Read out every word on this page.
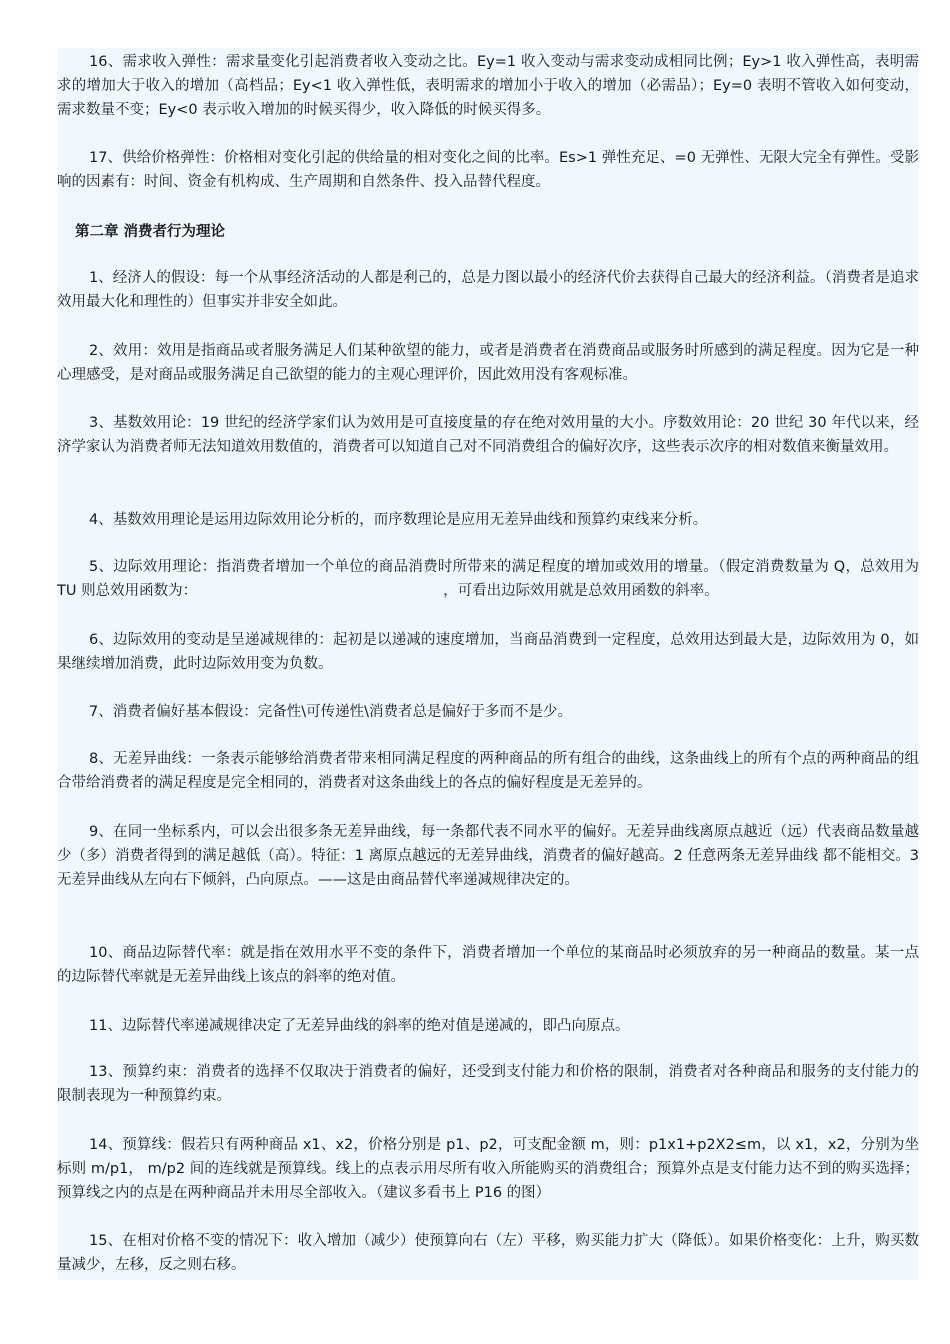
16、需求收入弹性：需求量变化引起消费者收入变动之比。Ey=1 收入变动与需求变动成相同比例；Ey>1 收入弹性高，表明需求的增加大于收入的增加（高档品；Ey<1 收入弹性低，表明需求的增加小于收入的增加（必需品）；Ey=0 表明不管收入如何变动，需求数量不变；Ey<0 表示收入增加的时候买得少，收入降低的时候买得多。

17、供给价格弹性：价格相对变化引起的供给量的相对变化之间的比率。Es>1 弹性充足、=0 无弹性、无限大完全有弹性。受影响的因素有：时间、资金有机构成、生产周期和自然条件、投入品替代程度。

第二章 消费者行为理论

1、经济人的假设：每一个从事经济活动的人都是利己的，总是力图以最小的经济代价去获得自己最大的经济利益。（消费者是追求效用最大化和理性的）但事实并非安全如此。

2、效用：效用是指商品或者服务满足人们某种欲望的能力，或者是消费者在消费商品或服务时所感到的满足程度。因为它是一种心理感受，是对商品或服务满足自己欲望的能力的主观心理评价，因此效用没有客观标准。

3、基数效用论：19 世纪的经济学家们认为效用是可直接度量的存在绝对效用量的大小。序数效用论：20 世纪 30 年代以来，经济学家认为消费者师无法知道效用数值的，消费者可以知道自己对不同消费组合的偏好次序，这些表示次序的相对数值来衡量效用。

4、基数效用理论是运用边际效用论分析的，而序数理论是应用无差异曲线和预算约束线来分析。

5、边际效用理论：指消费者增加一个单位的商品消费时所带来的满足程度的增加或效用的增量。（假定消费数量为 Q，总效用为 TU 则总效用函数为：	，可看出边际效用就是总效用函数的斜率。

6、边际效用的变动是呈递减规律的：起初是以递减的速度增加，当商品消费到一定程度，总效用达到最大是，边际效用为 0，如果继续增加消费，此时边际效用变为负数。

7、消费者偏好基本假设：完备性\可传递性\消费者总是偏好于多而不是少。

8、无差异曲线：一条表示能够给消费者带来相同满足程度的两种商品的所有组合的曲线，这条曲线上的所有个点的两种商品的组合带给消费者的满足程度是完全相同的，消费者对这条曲线上的各点的偏好程度是无差异的。

9、在同一坐标系内，可以会出很多条无差异曲线，每一条都代表不同水平的偏好。无差异曲线离原点越近（远）代表商品数量越少（多）消费者得到的满足越低（高）。特征：1 离原点越远的无差异曲线，消费者的偏好越高。2 任意两条无差异曲线 都不能相交。3 无差异曲线从左向右下倾斜，凸向原点。——这是由商品替代率递减规律决定的。

10、商品边际替代率：就是指在效用水平不变的条件下，消费者增加一个单位的某商品时必须放弃的另一种商品的数量。某一点的边际替代率就是无差异曲线上该点的斜率的绝对值。

11、边际替代率递减规律决定了无差异曲线的斜率的绝对值是递减的，即凸向原点。

13、预算约束：消费者的选择不仅取决于消费者的偏好，还受到支付能力和价格的限制，消费者对各种商品和服务的支付能力的限制表现为一种预算约束。

14、预算线：假若只有两种商品 x1、x2，价格分别是 p1、p2，可支配金额 m，则：p1x1+p2X2≤m，以 x1，x2，分别为坐标则 m/p1， m/p2 间的连线就是预算线。线上的点表示用尽所有收入所能购买的消费组合；预算外点是支付能力达不到的购买选择；预算线之内的点是在两种商品并未用尽全部收入。（建议多看书上 P16 的图）

15、在相对价格不变的情况下：收入增加（减少）使预算向右（左）平移，购买能力扩大（降低）。如果价格变化：上升，购买数量减少，左移，反之则右移。
